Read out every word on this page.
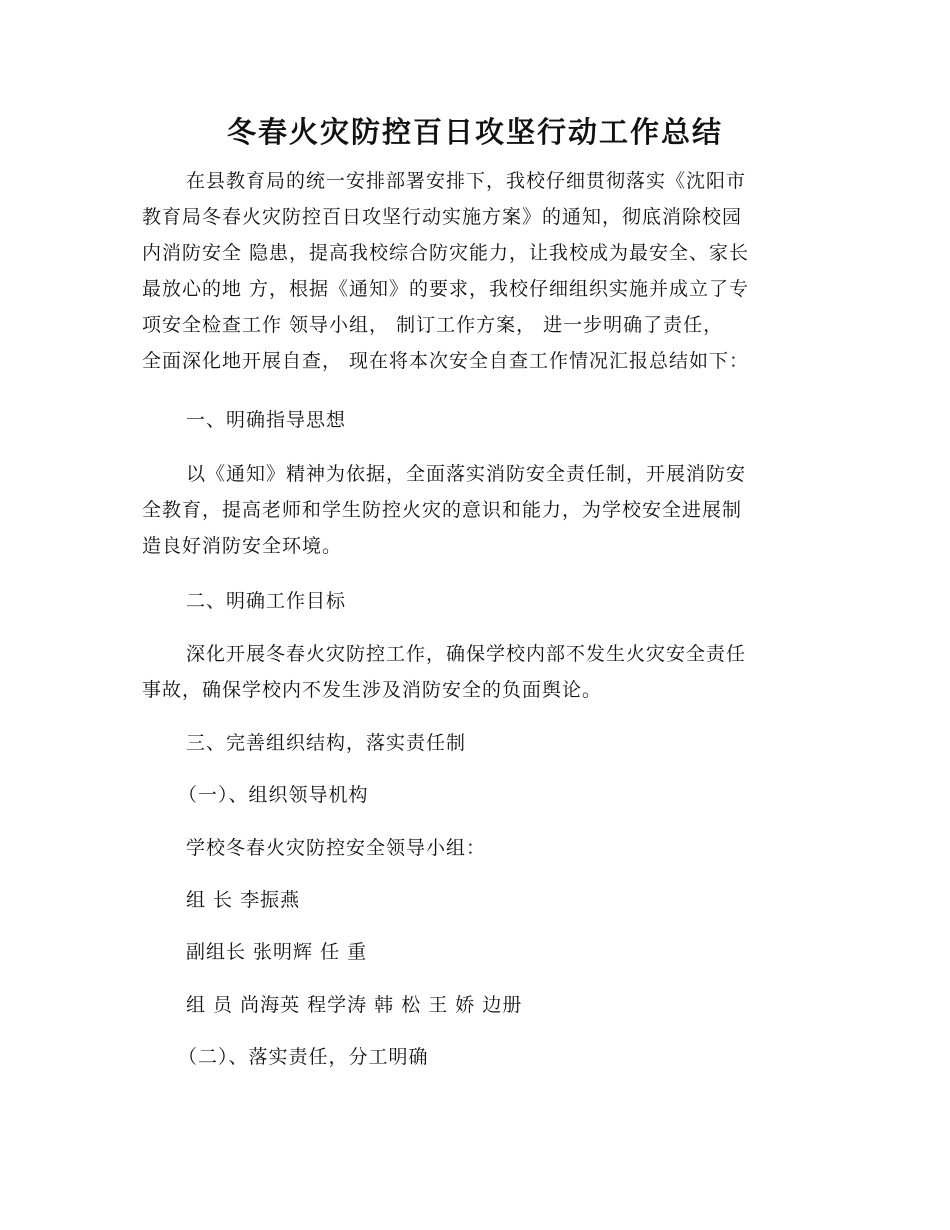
冬春火灾防控百日攻坚行动工作总结

在县教育局的统一安排部署安排下，我校仔细贯彻落实《沈阳市
教育局冬春火灾防控百日攻坚行动实施方案》的通知，彻底消除校园
内消防安全 隐患，提高我校综合防灾能力，让我校成为最安全、家长
最放心的地 方，根据《通知》的要求，我校仔细组织实施并成立了专
项安全检查工作 领导小组， 制订工作方案， 进一步明确了责任，
全面深化地开展自查， 现在将本次安全自查工作情况汇报总结如下：

一、明确指导思想

以《通知》精神为依据，全面落实消防安全责任制，开展消防安
全教育，提高老师和学生防控火灾的意识和能力，为学校安全进展制
造良好消防安全环境。

二、明确工作目标

深化开展冬春火灾防控工作，确保学校内部不发生火灾安全责任
事故，确保学校内不发生涉及消防安全的负面舆论。

三、完善组织结构，落实责任制

（一）、组织领导机构

学校冬春火灾防控安全领导小组：

组 长 李振燕

副组长 张明辉 任 重

组 员 尚海英 程学涛 韩 松 王 娇 边册

（二）、落实责任，分工明确
